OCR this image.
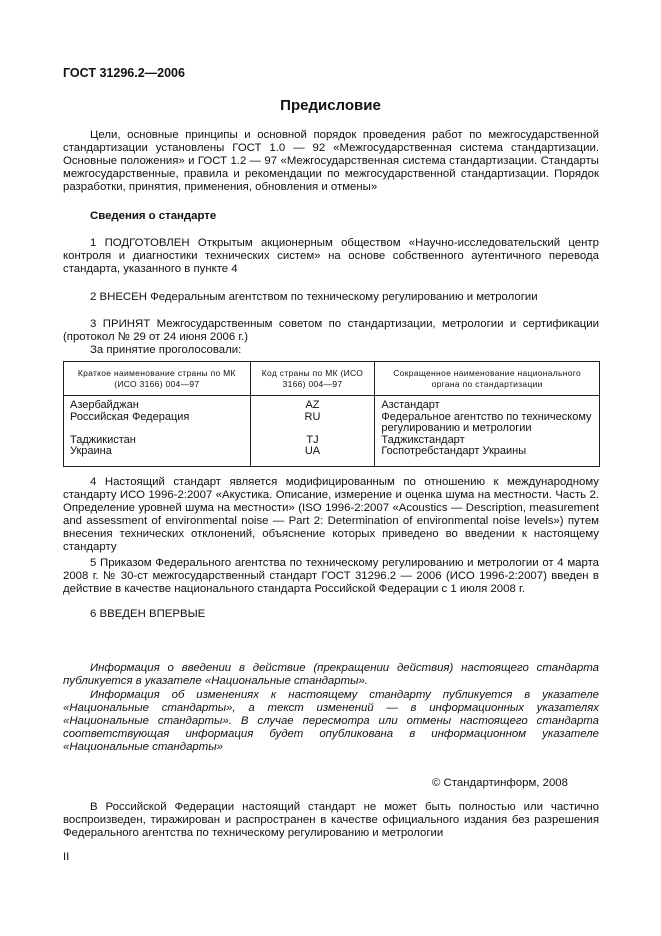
ГОСТ 31296.2—2006
Предисловие
Цели, основные принципы и основной порядок проведения работ по межгосударственной стандартизации установлены ГОСТ 1.0 — 92 «Межгосударственная система стандартизации. Основные положения» и ГОСТ 1.2 — 97 «Межгосударственная система стандартизации. Стандарты межгосударственные, правила и рекомендации по межгосударственной стандартизации. Порядок разработки, принятия, применения, обновления и отмены»
Сведения о стандарте
1 ПОДГОТОВЛЕН Открытым акционерным обществом «Научно-исследовательский центр контроля и диагностики технических систем» на основе собственного аутентичного перевода стандарта, указанного в пункте 4
2 ВНЕСЕН Федеральным агентством по техническому регулированию и метрологии
3 ПРИНЯТ Межгосударственным советом по стандартизации, метрологии и сертификации (протокол № 29 от 24 июня 2006 г.)
За принятие проголосовали:
Краткое наименование страны по МК (ИСО 3166) 004—97	Код страны по МК (ИСО 3166) 004—97	Сокращенное наименование национального органа по стандартизации
Азербайджан	AZ	Азстандарт
Российская Федерация	RU	Федеральное агентство по техническому регулированию и метрологии
Таджикистан	TJ	Таджикстандарт
Украина	UA	Госпотребстандарт Украины
4 Настоящий стандарт является модифицированным по отношению к международному стандарту ИСО 1996-2:2007 «Акустика. Описание, измерение и оценка шума на местности. Часть 2. Определение уровней шума на местности» (ISO 1996-2:2007 «Acoustics — Description, measurement and assessment of environmental noise — Part 2: Determination of environmental noise levels») путем внесения технических отклонений, объяснение которых приведено во введении к настоящему стандарту
5 Приказом Федерального агентства по техническому регулированию и метрологии от 4 марта 2008 г. № 30-ст межгосударственный стандарт ГОСТ 31296.2 — 2006 (ИСО 1996-2:2007) введен в действие в качестве национального стандарта Российской Федерации с 1 июля 2008 г.
6 ВВЕДЕН ВПЕРВЫЕ
Информация о введении в действие (прекращении действия) настоящего стандарта публикуется в указателе «Национальные стандарты».
Информация об изменениях к настоящему стандарту публикуется в указателе «Национальные стандарты», а текст изменений — в информационных указателях «Национальные стандарты». В случае пересмотра или отмены настоящего стандарта соответствующая информация будет опубликована в информационном указателе «Национальные стандарты»
© Стандартинформ, 2008
В Российской Федерации настоящий стандарт не может быть полностью или частично воспроизведен, тиражирован и распространен в качестве официального издания без разрешения Федерального агентства по техническому регулированию и метрологии
II
